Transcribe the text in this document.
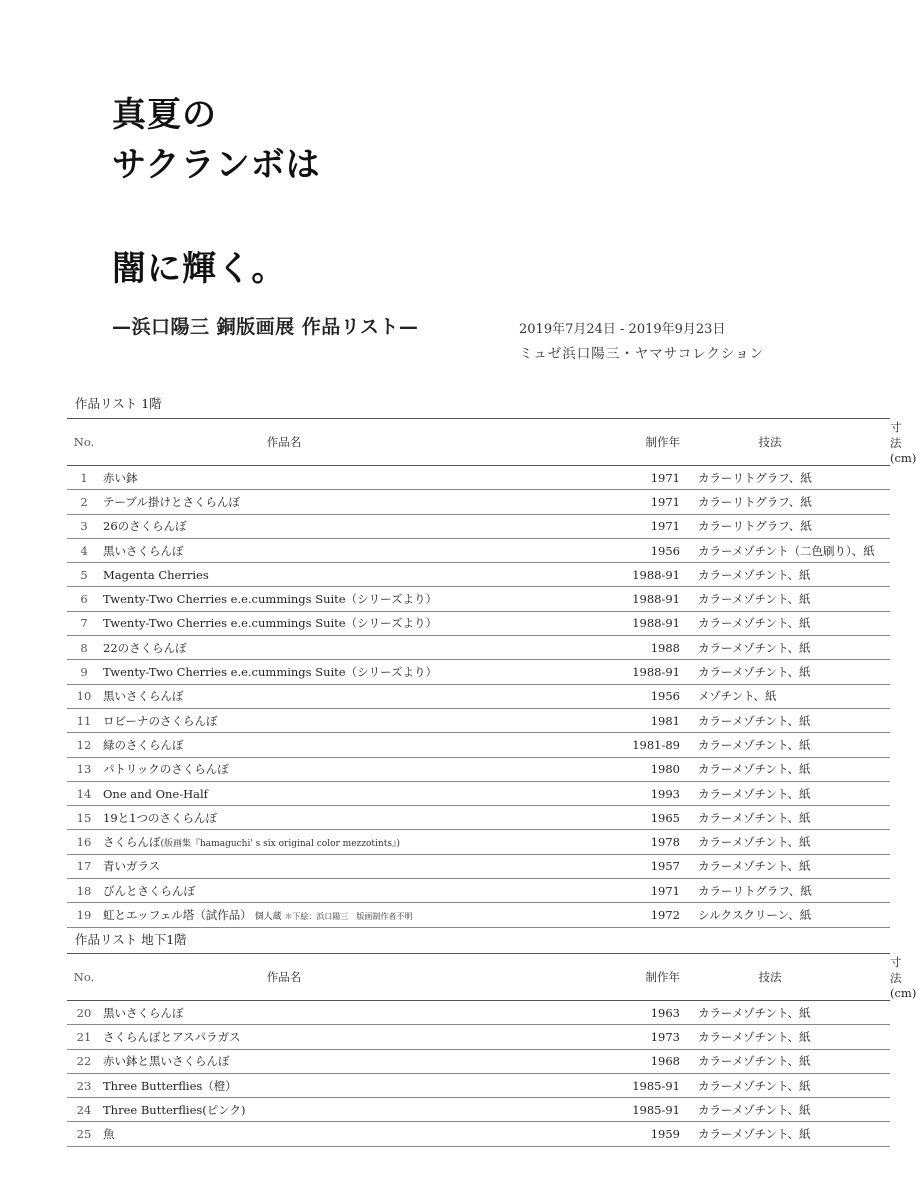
真夏の
サクランボは
闇に輝く。
—浜口陽三 銅版画展 作品リスト—	2019年7月24日 - 2019年9月23日
ミュゼ浜口陽三・ヤマサコレクション
作品リスト 1階
No.	作品名	制作年	技法	寸法 (cm)
1	赤い鉢	1971	カラーリトグラフ、紙	
2	テーブル掛けとさくらんぼ	1971	カラーリトグラフ、紙	
3	26のさくらんぼ	1971	カラーリトグラフ、紙	
4	黒いさくらんぼ	1956	カラーメゾチント（二色刷り）、紙	
5	Magenta Cherries	1988-91	カラーメゾチント、紙	
6	Twenty-Two Cherries e.e.cummings Suite（シリーズより）	1988-91	カラーメゾチント、紙	
7	Twenty-Two Cherries e.e.cummings Suite（シリーズより）	1988-91	カラーメゾチント、紙	
8	22のさくらんぼ	1988	カラーメゾチント、紙	
9	Twenty-Two Cherries e.e.cummings Suite（シリーズより）	1988-91	カラーメゾチント、紙	
10	黒いさくらんぼ	1956	メゾチント、紙	
11	ロビーナのさくらんぼ	1981	カラーメゾチント、紙	
12	緑のさくらんぼ	1981-89	カラーメゾチント、紙	
13	パトリックのさくらんぼ	1980	カラーメゾチント、紙	
14	One and One-Half	1993	カラーメゾチント、紙	
15	19と1つのさくらんぼ	1965	カラーメゾチント、紙	
16	さくらんぼ(版画集『hamaguchi' s six original color mezzotints』)	1978	カラーメゾチント、紙	
17	青いガラス	1957	カラーメゾチント、紙	
18	びんとさくらんぼ	1971	カラーリトグラフ、紙	
19	虹とエッフェル塔（試作品） 個人蔵 ＊下絵：浜口陽三　版画制作者不明	1972	シルクスクリーン、紙	
作品リスト 地下1階
No.	作品名	制作年	技法	寸法 (cm)
20	黒いさくらんぼ	1963	カラーメゾチント、紙	
21	さくらんぼとアスパラガス	1973	カラーメゾチント、紙	
22	赤い鉢と黒いさくらんぼ	1968	カラーメゾチント、紙	
23	Three Butterflies（橙）	1985-91	カラーメゾチント、紙	
24	Three Butterflies(ピンク)	1985-91	カラーメゾチント、紙	
25	魚	1959	カラーメゾチント、紙	
